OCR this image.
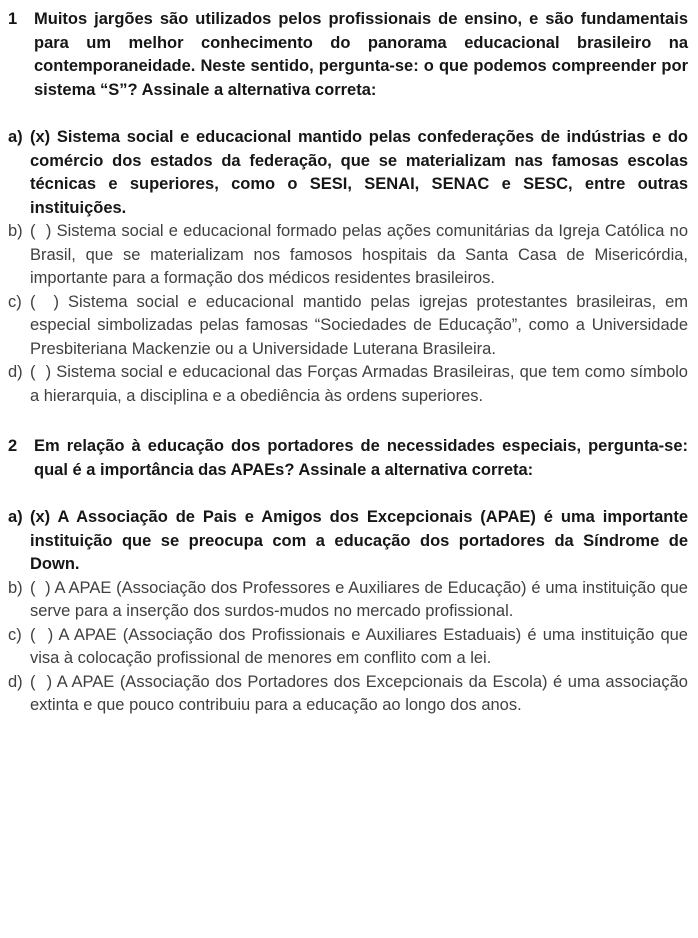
1 Muitos jargões são utilizados pelos profissionais de ensino, e são fundamentais para um melhor conhecimento do panorama educacional brasileiro na contemporaneidade. Neste sentido, pergunta-se: o que podemos compreender por sistema “S”? Assinale a alternativa correta:

a) (x) Sistema social e educacional mantido pelas confederações de indústrias e do comércio dos estados da federação, que se materializam nas famosas escolas técnicas e superiores, como o SESI, SENAI, SENAC e SESC, entre outras instituições.

b) (  ) Sistema social e educacional formado pelas ações comunitárias da Igreja Católica no Brasil, que se materializam nos famosos hospitais da Santa Casa de Misericórdia, importante para a formação dos médicos residentes brasileiros.

c) (  ) Sistema social e educacional mantido pelas igrejas protestantes brasileiras, em especial simbolizadas pelas famosas “Sociedades de Educação”, como a Universidade Presbiteriana Mackenzie ou a Universidade Luterana Brasileira.

d) (  ) Sistema social e educacional das Forças Armadas Brasileiras, que tem como símbolo a hierarquia, a disciplina e a obediência às ordens superiores.

2 Em relação à educação dos portadores de necessidades especiais, pergunta-se: qual é a importância das APAEs? Assinale a alternativa correta:

a) (x) A Associação de Pais e Amigos dos Excepcionais (APAE) é uma importante instituição que se preocupa com a educação dos portadores da Síndrome de Down.

b) (  ) A APAE (Associação dos Professores e Auxiliares de Educação) é uma instituição que serve para a inserção dos surdos-mudos no mercado profissional.

c) (  ) A APAE (Associação dos Profissionais e Auxiliares Estaduais) é uma instituição que visa à colocação profissional de menores em conflito com a lei.

d) (  ) A APAE (Associação dos Portadores dos Excepcionais da Escola) é uma associação extinta e que pouco contribuiu para a educação ao longo dos anos.
